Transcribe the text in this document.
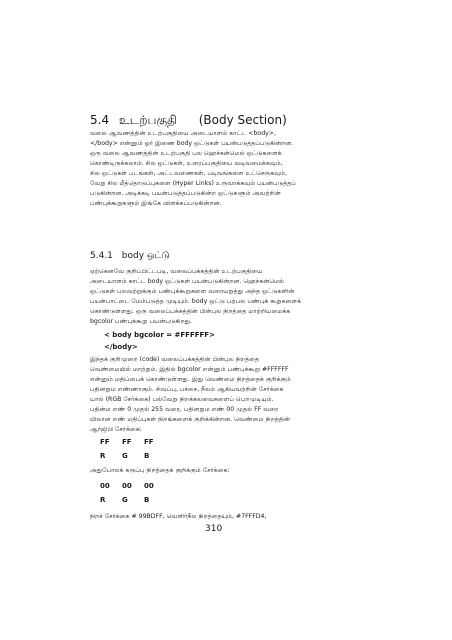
5.4 உடற்பகுதி (Body Section)
வலை ஆவணத்தின் உடற்பகுதியை அடையாளம் காட்ட <body>,
</body> என்னும் ஓர் இணை body ஒட்டுகள் பயன்படுத்தப்படுகின்றன.
ஒரு வலை ஆவணத்தின் உடற்பகுதி பல ஹெச்கன்மெல் ஒட்டுகளைக்
கொண்டிருக்கலாம். சில ஒட்டுகள், உரைப்பகுதியை வடிவமைக்கவும்,
சில ஒட்டுகள் படங்கள், அட்டவணைகள், படிவங்களை உட்செருகவும்,
வேறு சில மீத்தொடுப்புகளை (Hyper Links) உருவாக்கவும் பயன்படுத்தப்
படுகின்றன. அடிக்கடி பயன்படுத்தப்படுகின்ற ஒட்டுகளும் அவற்றின்
பண்புக்கூறுகளும் இங்கே விளக்கப்படுகின்றன.
5.4.1 body ஒட்டு
ஏற்கெனவே குறிப்பிட்டபடி, வலைப்பக்கத்தின் உடற்பகுதியை
அடையாளம் காட்ட body ஒட்டுகள் பயன்படுகின்றன. ஹெச்சுன்மெல்
ஒட்டுகள் பலவற்றுக்கும் பண்புக்கூறுகளை வரையறுத்து அந்த ஒட்டுகளின்
பயன்பாட்டை மேம்படுத்த முடியும். body ஒட்டு பற்பல பண்புக் கூறுகளைக்
கொண்டுள்ளது. ஒரு வலைப்பக்கத்தின் பின்புல நிறத்தை மாற்றியமைக்க
bgcolor பண்புக்கூறு பயன்படுகிறது.
< body bgcolor = #FFFFFF>
</body>
இந்தக் குறிமுறை (code) வலைப்பக்கத்தின் பின்புல நிறத்தை
வெண்மையில் மாற்றும். இதில் bgcolor என்னும் பண்புக்கூறு #FFFFFF
என்னும் மதிப்பைக் கொண்டுள்ளது. இது வெண்மை நிறத்தைக் குறிக்கும்
பதினறும எண்ணாகும். சிவப்பு, பச்சை, நீலம் ஆகியவற்றின் சேர்க்கை
யால் (RGB சேர்க்கை) பல்வேறு நிறக்கலவைகளைப் பெறமுடியும்.
பதின்ம எண் 0 முதல் 255 வரை, பதினறும எண் 00 முதல் FF வரை
யிலான எண் மதிப்புகள் நிறங்களைக் குறிக்கின்றன. வெண்மை நிறத்தின்
ஆர்ஜிபி சேர்க்கை:
FF FF FF
R G B
அதுபோலக் கருப்பு நிறத்தைக் குறிக்கும் சேர்க்கை:
00 00 00
R G B
நிறச் சேர்க்கை # 99BDFF, வெளிர்நீல நிறத்தையும், #7FFFD4,
310
